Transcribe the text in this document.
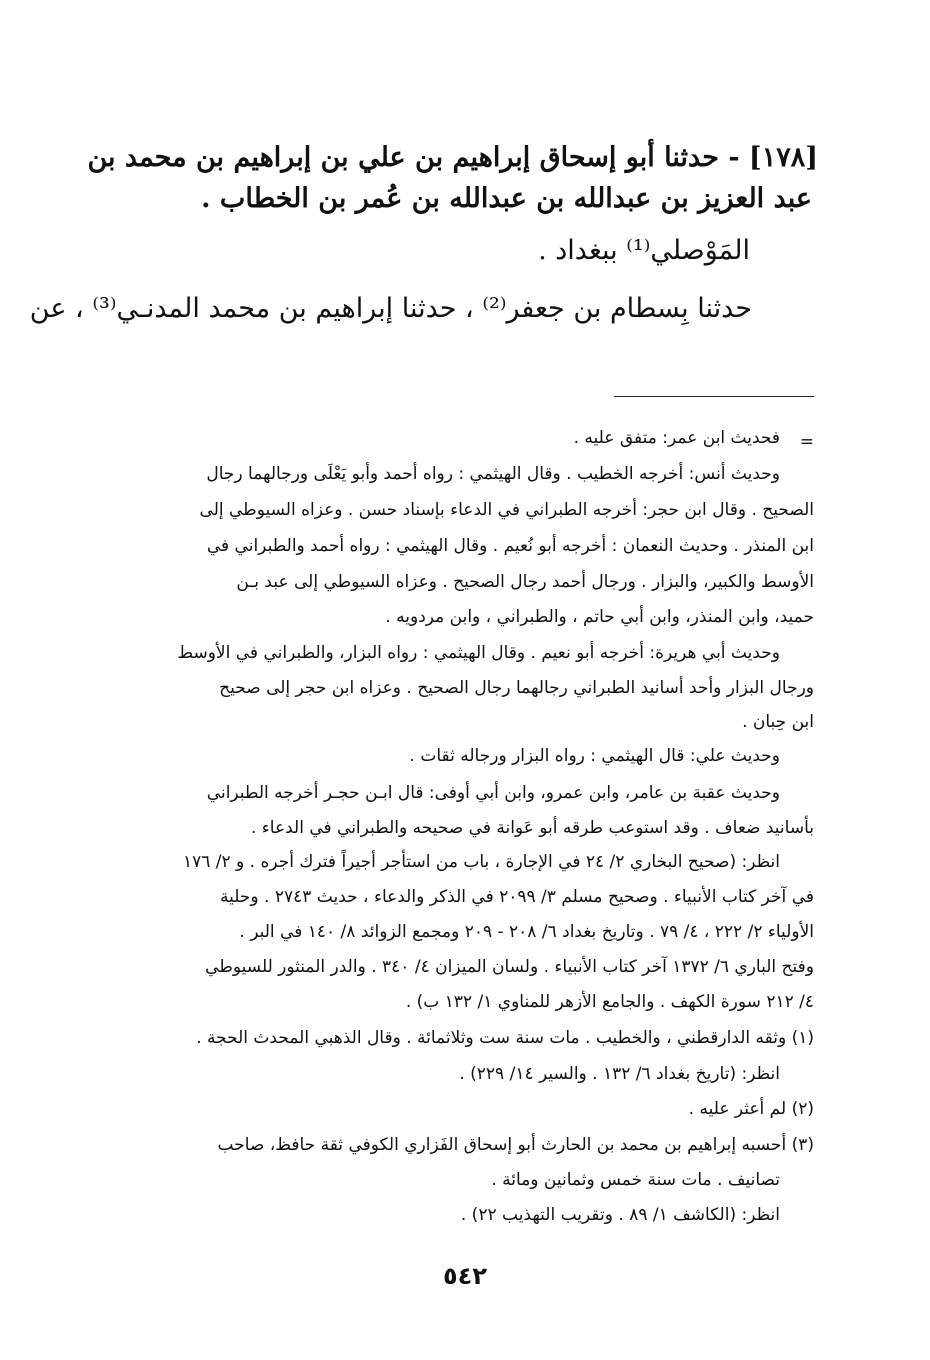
[١٧٨] - حدثنا أبو إسحاق إبراهيم بن علي بن إبراهيم بن محمد بن
عبد العزيز بن عبدالله بن عبدالله بن عُمر بن الخطاب .
المَوْصلي⁽¹⁾ ببغداد .
حدثنا بِسطام بن جعفر⁽²⁾ ، حدثنا إبراهيم بن محمد المدنـي⁽³⁾ ، عن
=
فحديث ابن عمر: متفق عليه .
وحديث أنس: أخرجه الخطيب . وقال الهيثمي : رواه أحمد وأبو يَعْلَى ورجالهما رجال
الصحيح . وقال ابن حجر: أخرجه الطبراني في الدعاء بإسناد حسن . وعزاه السيوطي إلى
ابن المنذر . وحديث النعمان : أخرجه أبو نُعيم . وقال الهيثمي : رواه أحمد والطبراني في
الأوسط والكبير، والبزار . ورجال أحمد رجال الصحيح . وعزاه السيوطي إلى عبد بـن
حميد، وابن المنذر، وابن أبي حاتم ، والطبراني ، وابن مردويه .
وحديث أبي هريرة: أخرجه أبو نعيم . وقال الهيثمي : رواه البزار، والطبراني في الأوسط
ورجال البزار وأحد أسانيد الطبراني رجالهما رجال الصحيح . وعزاه ابن حجر إلى صحيح
ابن حِبان .
وحديث علي: قال الهيثمي : رواه البزار ورجاله ثقات .
وحديث عقبة بن عامر، وابن عمرو، وابن أبي أوفى: قال ابـن حجـر أخرجه الطبراني
بأسانيد ضعاف . وقد استوعب طرقه أبو عَوانة في صحيحه والطبراني في الدعاء .
انظر: (صحيح البخاري ٢/ ٢٤ في الإجارة ، باب من استأجر أجيراً فترك أجره . و ٢/ ١٧٦
في آخر كتاب الأنبياء . وصحيح مسلم ٣/ ٢٠٩٩ في الذكر والدعاء ، حديث ٢٧٤٣ . وحلية
الأولياء ٢/ ٢٢٢ ، ٤/ ٧٩ . وتاريخ بغداد ٦/ ٢٠٨ - ٢٠٩ ومجمع الزوائد ٨/ ١٤٠ في البر .
وفتح الباري ٦/ ١٣٧٢ آخر كتاب الأنبياء . ولسان الميزان ٤/ ٣٤٠ . والدر المنثور للسيوطي
٤/ ٢١٢ سورة الكهف . والجامع الأزهر للمناوي ١/ ١٣٢ ب) .
(١) وثقه الدارقطني ، والخطيب . مات سنة ست وثلاثمائة . وقال الذهبي المحدث الحجة .
انظر: (تاريخ بغداد ٦/ ١٣٢ . والسير ١٤/ ٢٢٩) .
(٢) لم أعثر عليه .
(٣) أحسبه إبراهيم بن محمد بن الحارث أبو إسحاق الفَزاري الكوفي ثقة حافظ، صاحب
تصانيف . مات سنة خمس وثمانين ومائة .
انظر: (الكاشف ١/ ٨٩ . وتقريب التهذيب ٢٢) .
٥٤٢
